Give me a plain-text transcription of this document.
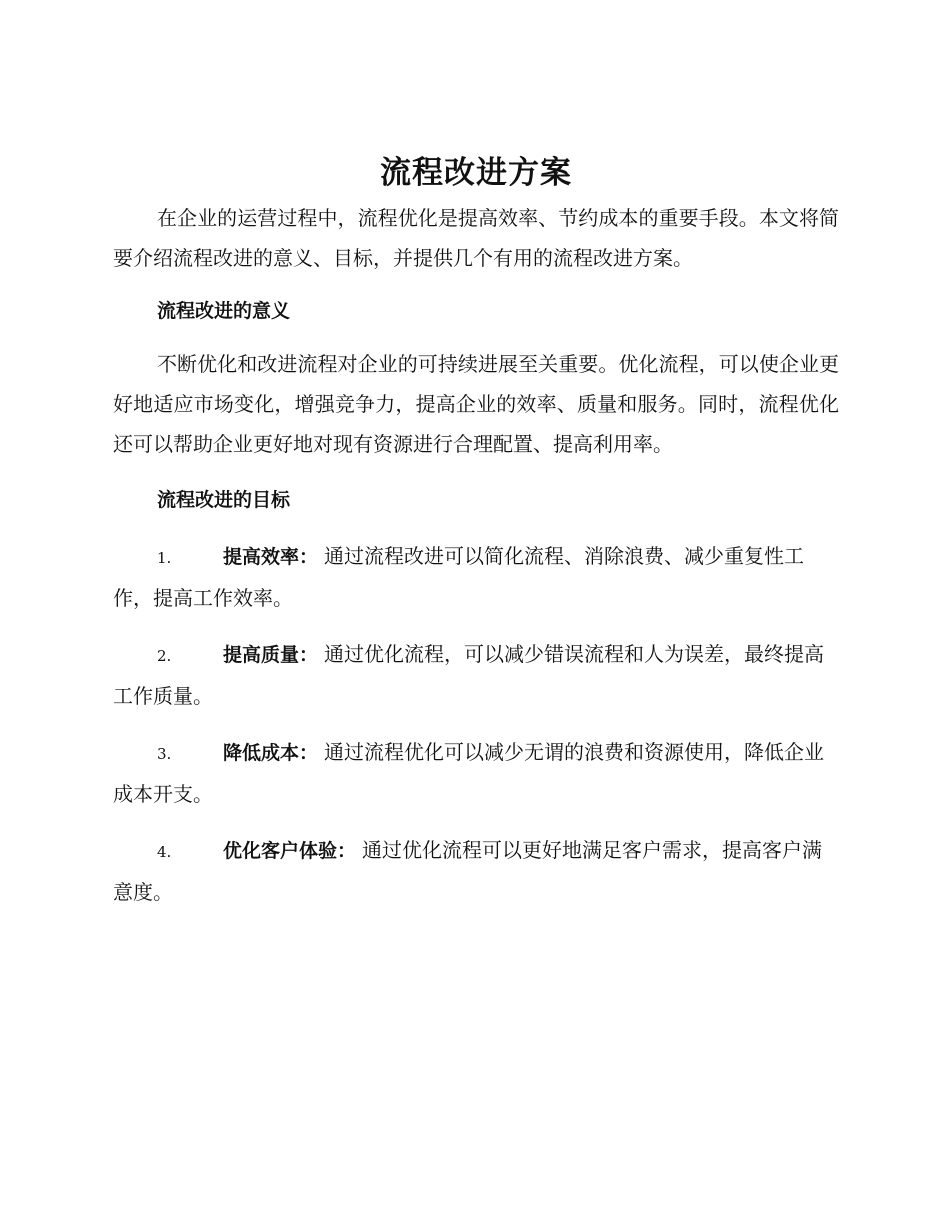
流程改进方案

在企业的运营过程中，流程优化是提高效率、节约成本的重要手段。本文将简要介绍流程改进的意义、目标，并提供几个有用的流程改进方案。

流程改进的意义

不断优化和改进流程对企业的可持续进展至关重要。优化流程，可以使企业更好地适应市场变化，增强竞争力，提高企业的效率、质量和服务。同时，流程优化还可以帮助企业更好地对现有资源进行合理配置、提高利用率。

流程改进的目标
1.	提高效率： 通过流程改进可以简化流程、消除浪费、减少重复性工作，提高工作效率。
2.	提高质量： 通过优化流程，可以减少错误流程和人为误差，最终提高工作质量。
3.	降低成本： 通过流程优化可以减少无谓的浪费和资源使用，降低企业成本开支。
4.	优化客户体验： 通过优化流程可以更好地满足客户需求，提高客户满意度。
